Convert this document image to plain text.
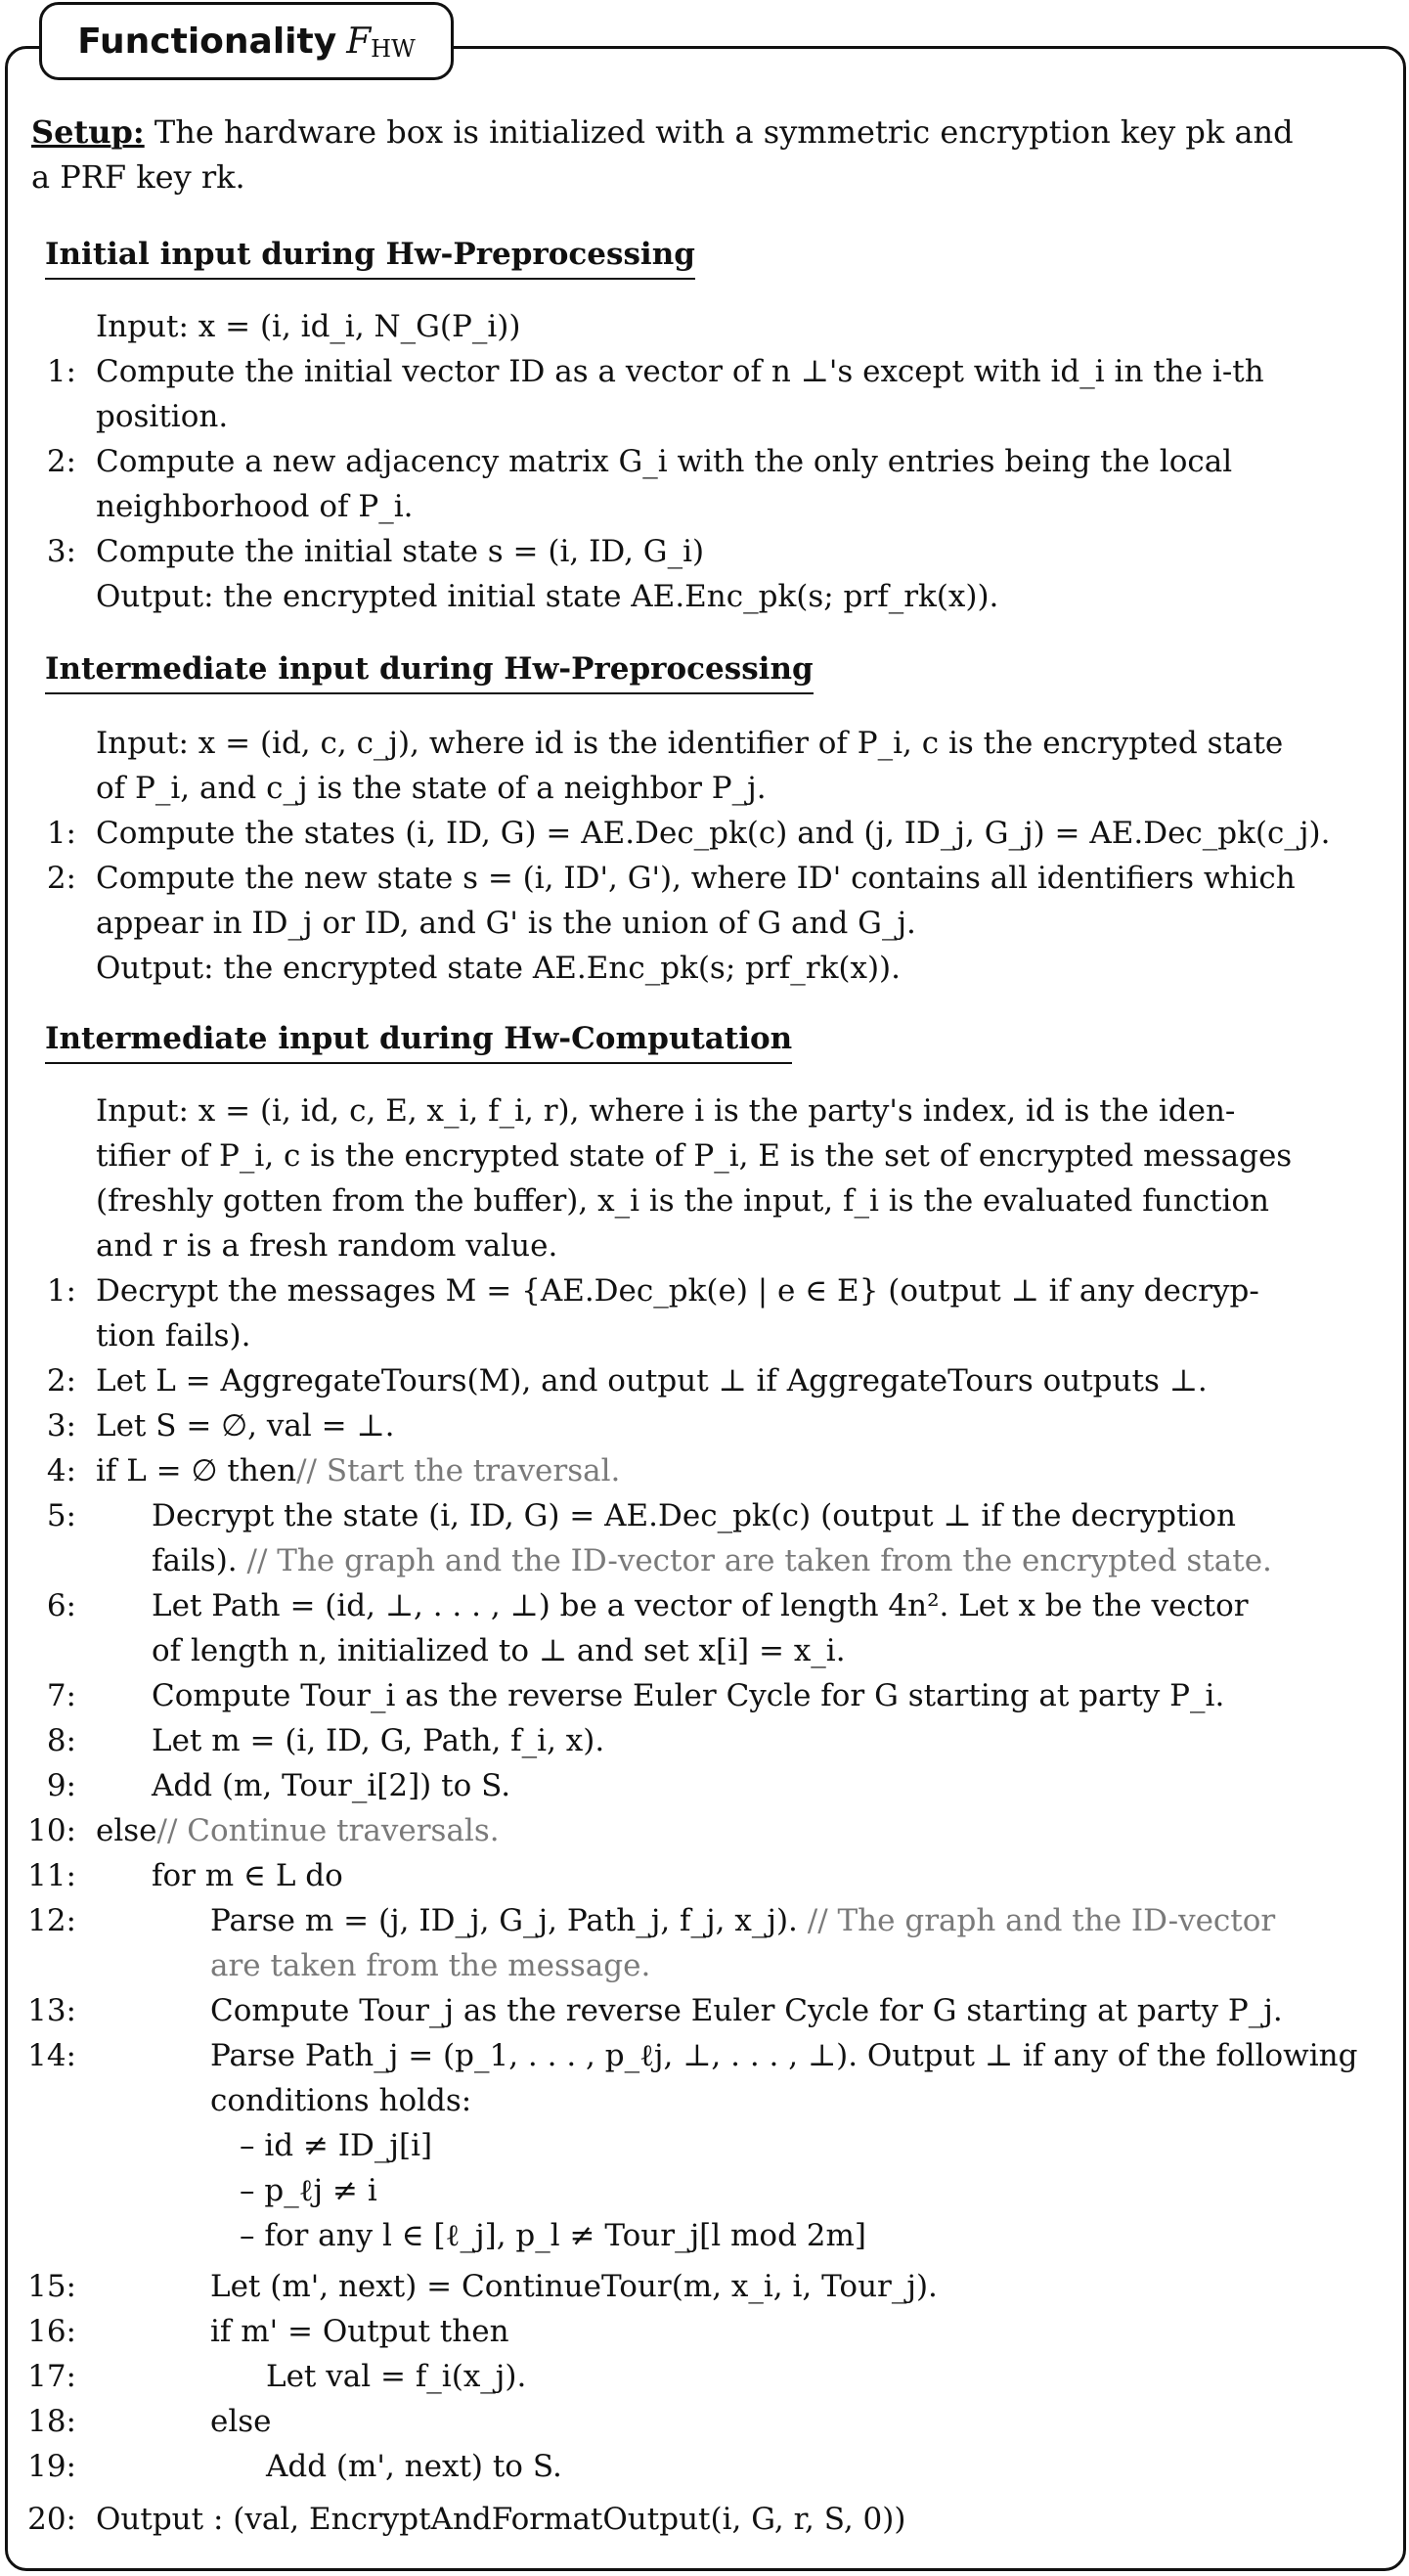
Functionality F HW
Setup: The hardware box is initialized with a symmetric encryption key pk and
a PRF key rk.
Initial input during Hw-Preprocessing
Input: x = (i, id_i, N_G(P_i))
1: Compute the initial vector ID as a vector of n ⊥'s except with id_i in the i-th
position.
2: Compute a new adjacency matrix G_i with the only entries being the local
neighborhood of P_i.
3: Compute the initial state s = (i, ID, G_i)
Output: the encrypted initial state AE.Enc_pk(s; prf_rk(x)).
Intermediate input during Hw-Preprocessing
Input: x = (id, c, c_j), where id is the identifier of P_i, c is the encrypted state
of P_i, and c_j is the state of a neighbor P_j.
1: Compute the states (i, ID, G) = AE.Dec_pk(c) and (j, ID_j, G_j) = AE.Dec_pk(c_j).
2: Compute the new state s = (i, ID', G'), where ID' contains all identifiers which
appear in ID_j or ID, and G' is the union of G and G_j.
Output: the encrypted state AE.Enc_pk(s; prf_rk(x)).
Intermediate input during Hw-Computation
Input: x = (i, id, c, E, x_i, f_i, r), where i is the party's index, id is the iden-
tifier of P_i, c is the encrypted state of P_i, E is the set of encrypted messages
(freshly gotten from the buffer), x_i is the input, f_i is the evaluated function
and r is a fresh random value.
1: Decrypt the messages M = {AE.Dec_pk(e) | e ∈ E} (output ⊥ if any decryp-
tion fails).
2: Let L = AggregateTours(M), and output ⊥ if AggregateTours outputs ⊥.
3: Let S = ∅, val = ⊥.
4: if L = ∅ then// Start the traversal.
5: Decrypt the state (i, ID, G) = AE.Dec_pk(c) (output ⊥ if the decryption
fails). // The graph and the ID-vector are taken from the encrypted state.
6: Let Path = (id, ⊥, . . . , ⊥) be a vector of length 4n². Let x be the vector
of length n, initialized to ⊥ and set x[i] = x_i.
7: Compute Tour_i as the reverse Euler Cycle for G starting at party P_i.
8: Let m = (i, ID, G, Path, f_i, x).
9: Add (m, Tour_i[2]) to S.
10: else// Continue traversals.
11: for m ∈ L do
12:	Parse m = (j, ID_j, G_j, Path_j, f_j, x_j). // The graph and the ID-vector
are taken from the message.
13:	Compute Tour_j as the reverse Euler Cycle for G starting at party P_j.
14:	Parse Path_j = (p_1, . . . , p_ℓj, ⊥, . . . , ⊥). Output ⊥ if any of the following
conditions holds:
– id ≠ ID_j[i]
– p_ℓj ≠ i
– for any l ∈ [ℓ_j], p_l ≠ Tour_j[l mod 2m]
15:	Let (m', next) = ContinueTour(m, x_i, i, Tour_j).
16:	if m' = Output then
17:	Let val = f_i(x_j).
18:	else
19:	Add (m', next) to S.
20: Output : (val, EncryptAndFormatOutput(i, G, r, S, 0))
